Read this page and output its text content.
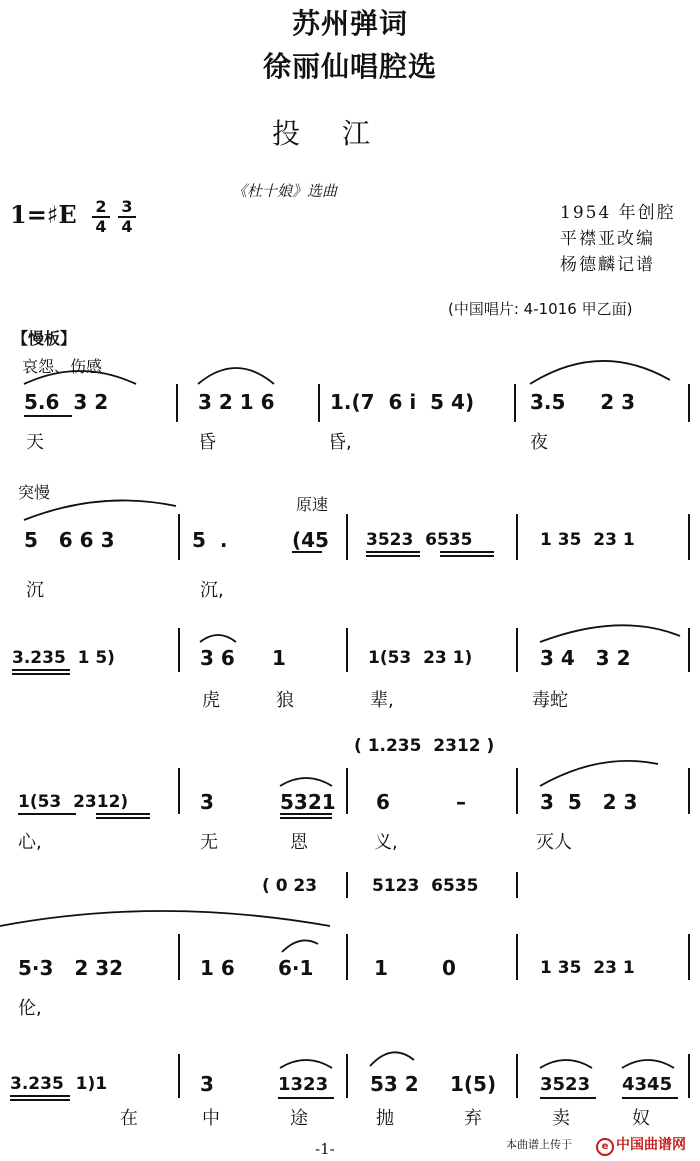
苏州弹词
徐丽仙唱腔选
投江
《杜十娘》选曲
1954 年创腔
平襟亚改编
杨德麟记谱
1=♯E $\frac{2}{4} \frac{3}{4}$
(中国唱片: 4-1016 甲乙面)
【慢板】
哀怨、伤感
突慢
原速
5.6  3 2	3 2 1 6	1.(7  6 i  5 4)	3.5     2 3
天	昏	昏,	夜
5   6 6 3	5  .	(45 3523  6535	1 35  23 1
沉	沉,
3.235  1 5)	3 6 1	1(53  23 1)	3 4   3 2
虎	狼	辈,	毒蛇
( 1.235  2312 )
1(53  2312)	3	5321 6	–	3  5   2 3
心,	无	恩	义,	灭人
( 0 23	5123  6535
5·3   2 32	1 6 6·1	1	0	1 35  23 1
伦,
3.235  1)1	3	1323 53 2 1(5) 3523 4345
在	中	途	抛	弃	卖	奴
-1-	本曲谱上传于	e 中国曲谱网
